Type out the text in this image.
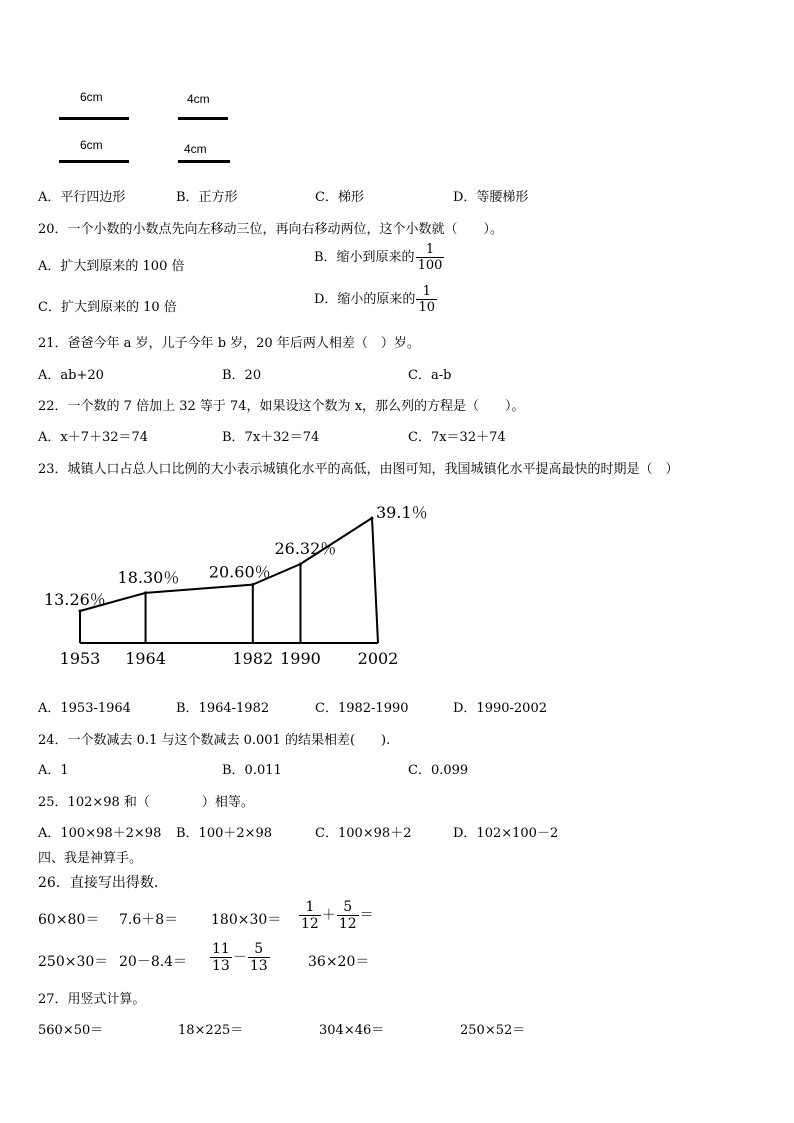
6cm
6cm
4cm
4cm
A．平行四边形	B．正方形	C．梯形	D．等腰梯形
20．一个小数的小数点先向左移动三位，再向右移动两位，这个小数就（　　）。
A．扩大到原来的 100 倍
B．缩小到原来的 $\frac{1}{100}$
C．扩大到原来的 10 倍
D．缩小的原来的 $\frac{1}{10}$
21．爸爸今年 a 岁，儿子今年 b 岁，20 年后两人相差（　）岁。
A．ab+20	B．20	C．a-b
22．一个数的 7 倍加上 32 等于 74，如果设这个数为 x，那么列的方程是（　　）。
A．x＋7＋32＝74	B．7x＋32＝74	C．7x＝32＋74
23．城镇人口占总人口比例的大小表示城镇化水平的高低，由图可知，我国城镇化水平提高最快的时期是（　）
13.26％
18.30％ 20.60％
26.32％
39.1％
1953 1964	1982 1990 2002
A．1953-1964	B．1964-1982	C．1982-1990	D．1990-2002
24．一个数减去 0.1 与这个数减去 0.001 的结果相差(　　).
A．1	B．0.011	C．0.099
25．102×98 和（　　　　）相等。
A．100×98＋2×98 B．100＋2×98	C．100×98＋2	D．102×100－2
四、我是神算手。
26．直接写出得数．
$60\times 80= 7.6+8= 180\times 30= \frac{1}{12} + \frac{5}{12}$ ＝
$250\times 30= 20-8.4= \frac{11}{13} - \frac{5}{13}$	36×20＝
27．用竖式计算。
560×50＝	18×225＝	304×46＝	250×52＝
